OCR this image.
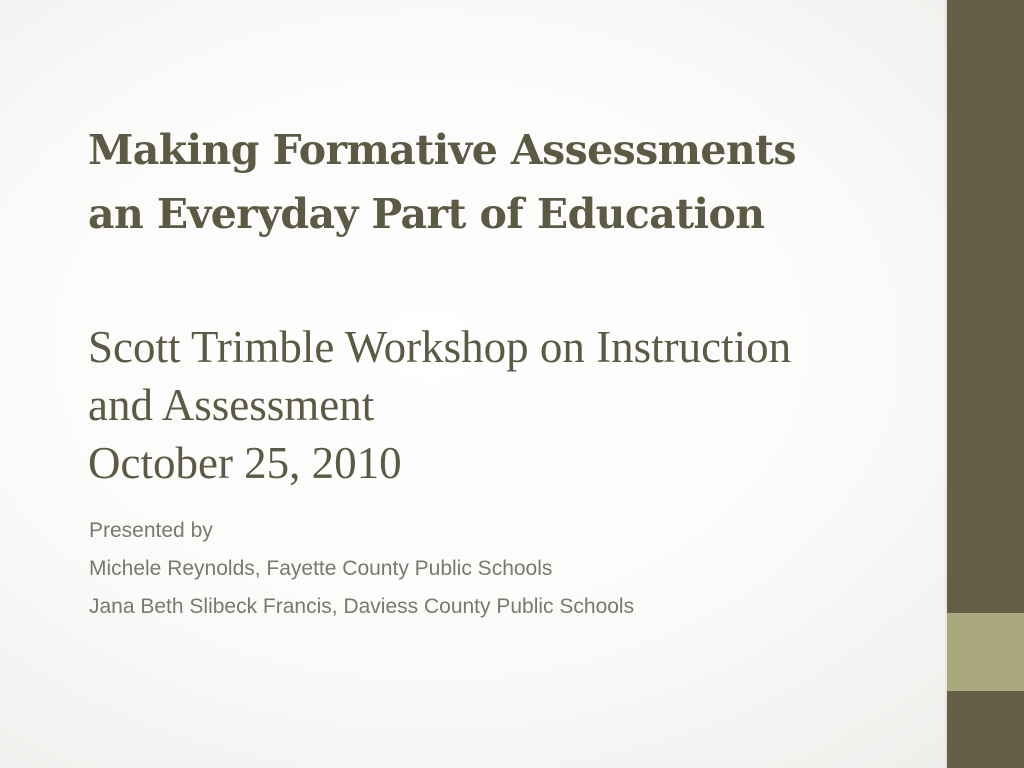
Making Formative Assessments
an Everyday Part of Education
Scott Trimble Workshop on Instruction
and Assessment
October 25, 2010
Presented by
Michele Reynolds, Fayette County Public Schools
Jana Beth Slibeck Francis, Daviess County Public Schools
